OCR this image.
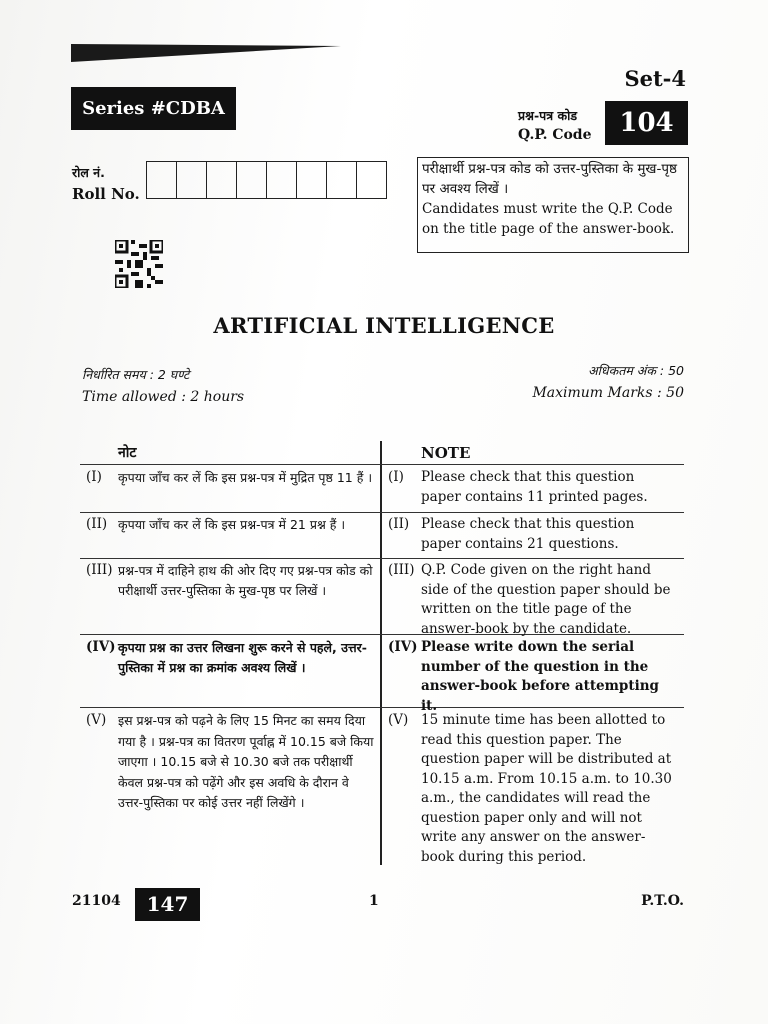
Set-4
Series #CDBA	प्रश्न-पत्र कोड
Q.P. Code	104
रोल नं.
Roll No.
परीक्षार्थी प्रश्न-पत्र कोड को उत्तर-पुस्तिका के मुख-पृष्ठ पर अवश्य लिखें ।
Candidates must write the Q.P. Code on the title page of the answer-book.
ARTIFICIAL INTELLIGENCE
निर्धारित समय : 2 घण्टे
Time allowed : 2 hours
अधिकतम अंक : 50
Maximum Marks : 50
नोट	NOTE
(I) कृपया जाँच कर लें कि इस प्रश्न-पत्र में मुद्रित पृष्ठ 11 हैं । (I) Please check that this question paper contains 11 printed pages.
(II) कृपया जाँच कर लें कि इस प्रश्न-पत्र में 21 प्रश्न हैं ।	(II) Please check that this question paper contains 21 questions.
(III) प्रश्न-पत्र में दाहिने हाथ की ओर दिए गए प्रश्न-पत्र कोड को परीक्षार्थी उत्तर-पुस्तिका के मुख-पृष्ठ पर लिखें ।
(III) Q.P. Code given on the right hand side of the question paper should be written on the title page of the answer-book by the candidate.
(IV) कृपया प्रश्न का उत्तर लिखना शुरू करने से पहले, उत्तर-पुस्तिका में प्रश्न का क्रमांक अवश्य लिखें ।
(IV) Please write down the serial number of the question in the answer-book before attempting it.
(V) इस प्रश्न-पत्र को पढ़ने के लिए 15 मिनट का समय दिया गया है । प्रश्न-पत्र का वितरण पूर्वाह्न में 10.15 बजे किया जाएगा । 10.15 बजे से 10.30 बजे तक परीक्षार्थी केवल प्रश्न-पत्र को पढ़ेंगे और इस अवधि के दौरान वे उत्तर-पुस्तिका पर कोई उत्तर नहीं लिखेंगे ।
(V) 15 minute time has been allotted to read this question paper. The question paper will be distributed at 10.15 a.m. From 10.15 a.m. to 10.30 a.m., the candidates will read the question paper only and will not write any answer on the answer-book during this period.
21104	147	1	P.T.O.
